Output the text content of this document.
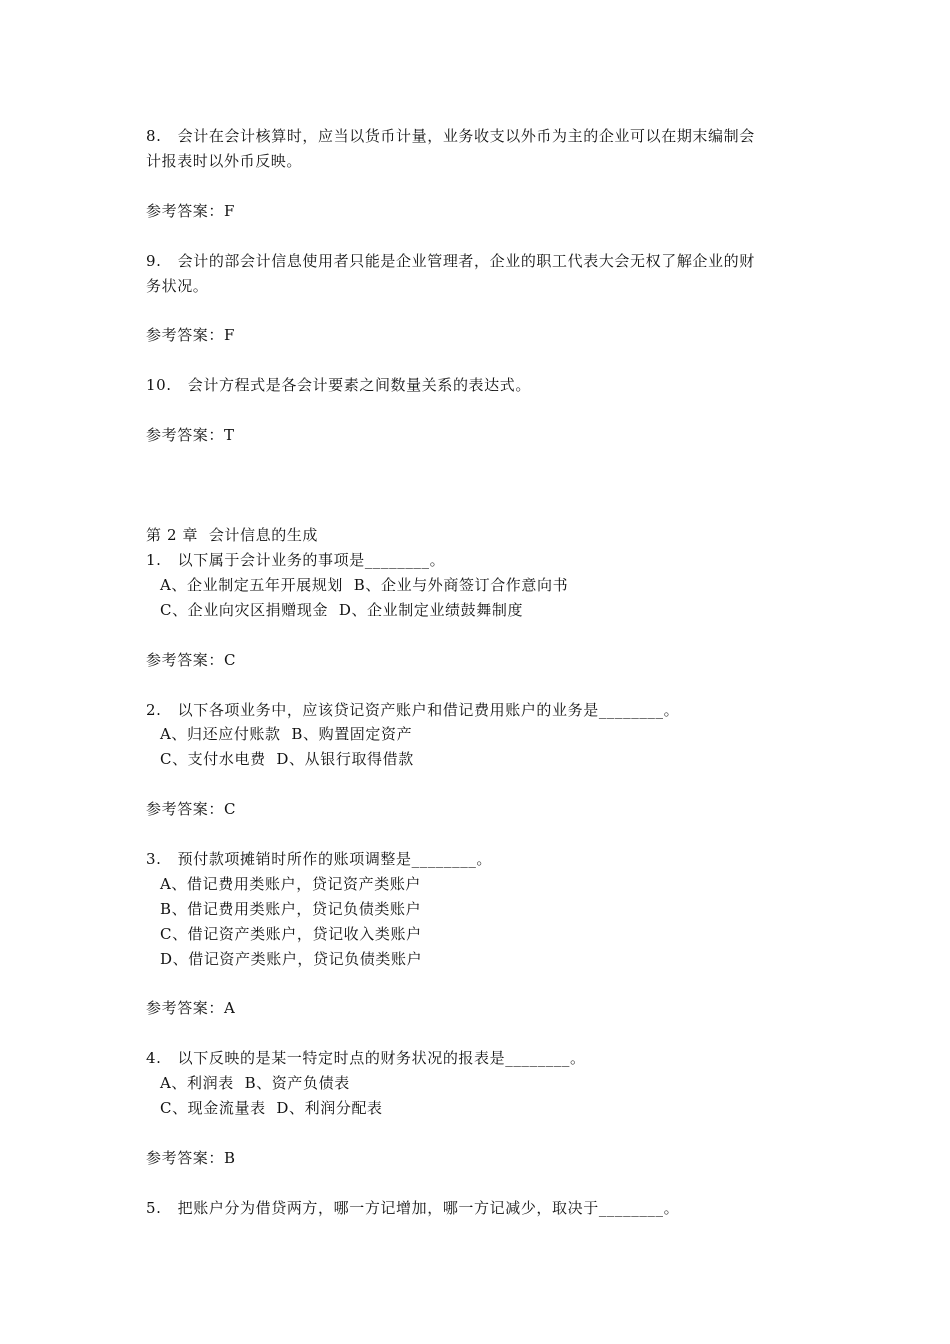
8.   会计在会计核算时，应当以货币计量，业务收支以外币为主的企业可以在期末编制会
计报表时以外币反映。
参考答案：F
9.   会计的部会计信息使用者只能是企业管理者，企业的职工代表大会无权了解企业的财
务状况。
参考答案：F
10.   会计方程式是各会计要素之间数量关系的表达式。
参考答案：T
第 2 章  会计信息的生成
1.   以下属于会计业务的事项是________。
A、企业制定五年开展规划  B、企业与外商签订合作意向书
C、企业向灾区捐赠现金  D、企业制定业绩鼓舞制度
参考答案：C
2.   以下各项业务中，应该贷记资产账户和借记费用账户的业务是________。
A、归还应付账款  B、购置固定资产
C、支付水电费  D、从银行取得借款
参考答案：C
3.   预付款项摊销时所作的账项调整是________。
A、借记费用类账户，贷记资产类账户
B、借记费用类账户，贷记负债类账户
C、借记资产类账户，贷记收入类账户
D、借记资产类账户，贷记负债类账户
参考答案：A
4.   以下反映的是某一特定时点的财务状况的报表是________。
A、利润表  B、资产负债表
C、现金流量表  D、利润分配表
参考答案：B
5.   把账户分为借贷两方，哪一方记增加，哪一方记减少，取决于________。
